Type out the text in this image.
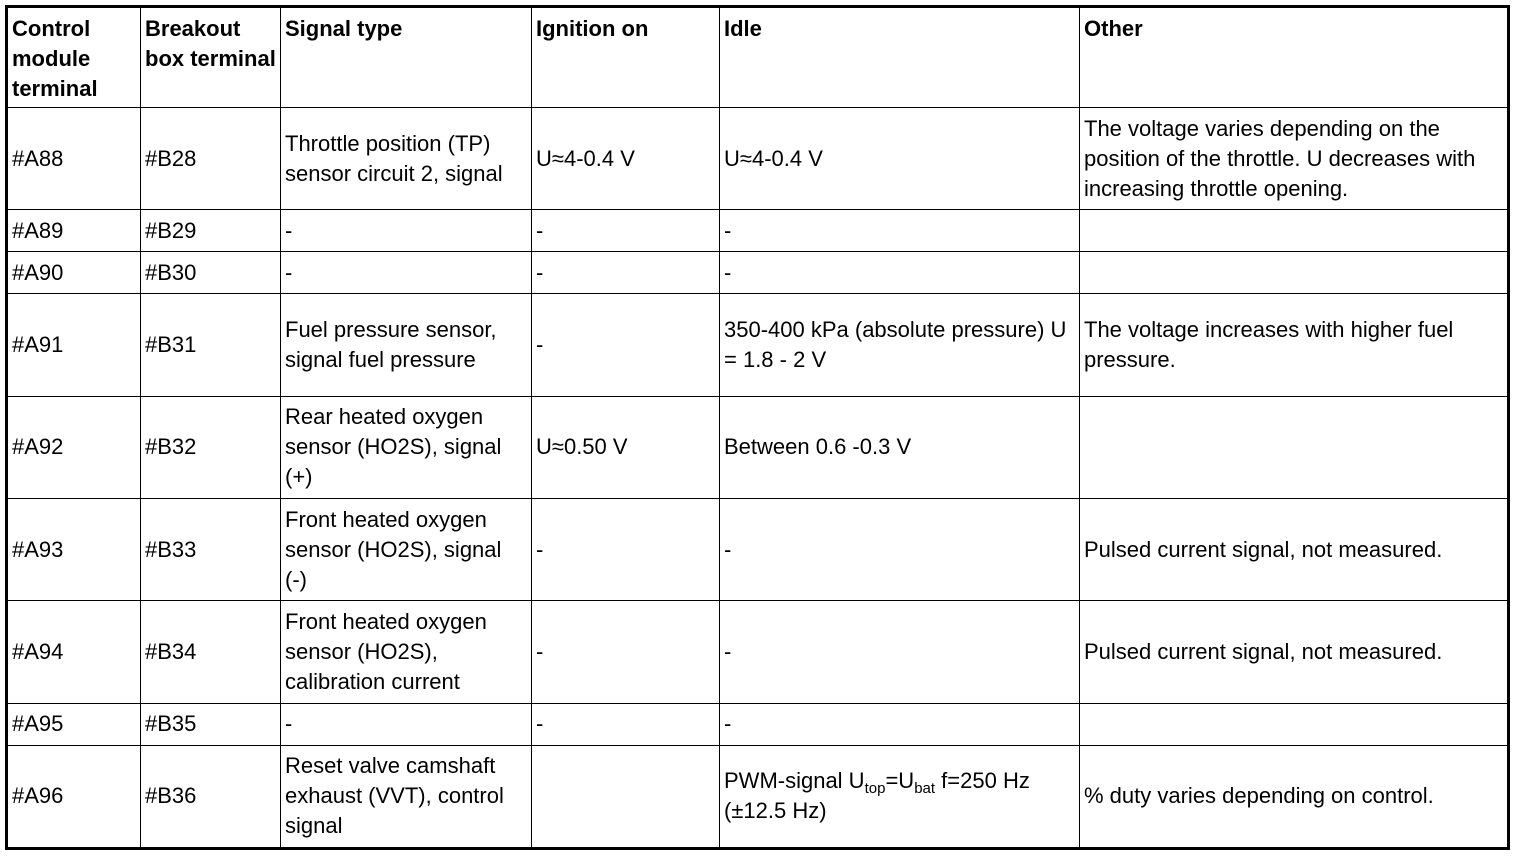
Control module terminal	Breakout box terminal	Signal type	Ignition on	Idle	Other
#A88	#B28	Throttle position (TP) sensor circuit 2, signal	U≈4-0.4 V	U≈4-0.4 V	The voltage varies depending on the position of the throttle. U decreases with increasing throttle opening.
#A89	#B29	-	-	-	
#A90	#B30	-	-	-	
#A91	#B31	Fuel pressure sensor, signal fuel pressure	-	350-400 kPa (absolute pressure) U = 1.8 - 2 V	The voltage increases with higher fuel pressure.
#A92	#B32	Rear heated oxygen sensor (HO2S), signal (+)	U≈0.50 V	Between 0.6 -0.3 V	
#A93	#B33	Front heated oxygen sensor (HO2S), signal (-)	-	-	Pulsed current signal, not measured.
#A94	#B34	Front heated oxygen sensor (HO2S), calibration current	-	-	Pulsed current signal, not measured.
#A95	#B35	-	-	-	
#A96	#B36	Reset valve camshaft exhaust (VVT), control signal		PWM-signal $U_{top}=U_{bat}$ f=250 Hz (±12.5 Hz)	% duty varies depending on control.
